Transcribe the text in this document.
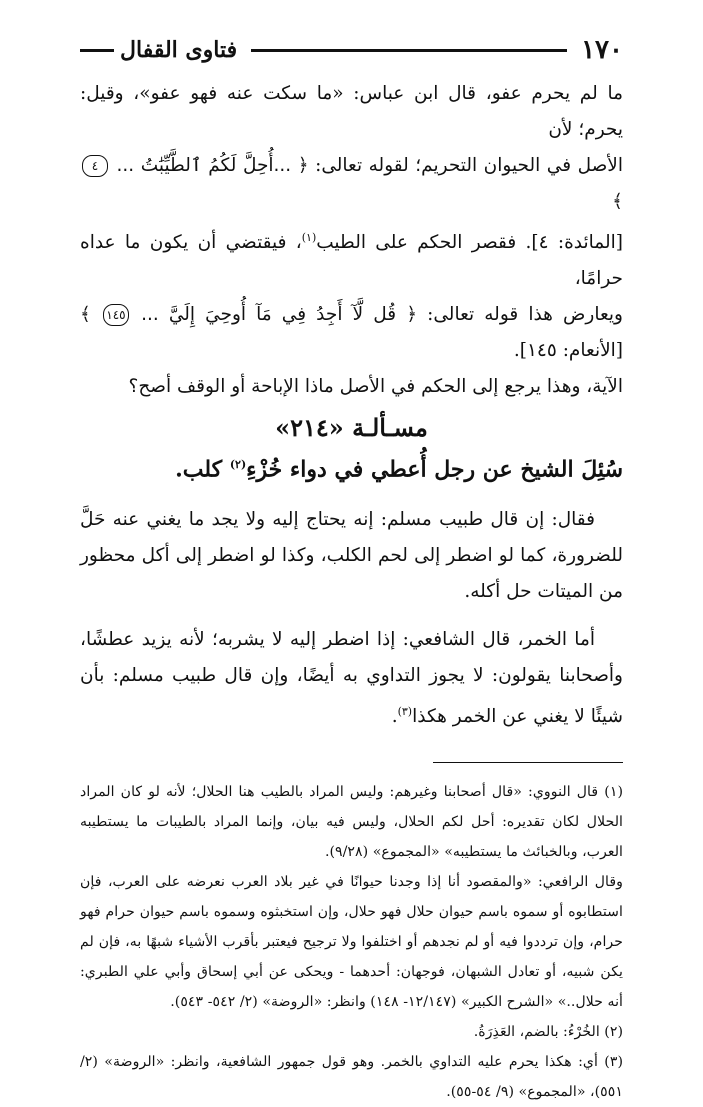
١٧٠
فتاوى القفال

ما لم يحرم عفو، قال ابن عباس: «ما سكت عنه فهو عفو»، وقيل: يحرم؛ لأن

الأصل في الحيوان التحريم؛ لقوله تعالى: ﴿ ...أُحِلَّ لَكُمُ ٱلطَّيِّبَٰتُ ... ٤ ﴾

[المائدة: ٤]. فقصر الحكم على الطيب$^{(١)}$، فيقتضي أن يكون ما عداه حرامًا،

ويعارض هذا قوله تعالى: ﴿ قُل لَّآ أَجِدُ فِي مَآ أُوحِيَ إِلَيَّ ... ١٤٥ ﴾ [الأنعام: ١٤٥].

الآية، وهذا يرجع إلى الحكم في الأصل ماذا الإباحة أو الوقف أصح؟

مسـألـة «٢١٤»
سُئِلَ الشيخ عن رجل أُعطي في دواء خُزْءِ$^{(٢)}$ كلب.

فقال: إن قال طبيب مسلم: إنه يحتاج إليه ولا يجد ما يغني عنه حَلَّ للضرورة، كما لو اضطر إلى لحم الكلب، وكذا لو اضطر إلى أكل محظور من الميتات حل أكله.

أما الخمر، قال الشافعي: إذا اضطر إليه لا يشربه؛ لأنه يزيد عطشًا، وأصحابنا يقولون: لا يجوز التداوي به أيضًا، وإن قال طبيب مسلم: بأن شيئًا لا يغني عن الخمر هكذا$^{(٣)}$.

(١) قال النووي: «قال أصحابنا وغيرهم: وليس المراد بالطيب هنا الحلال؛ لأنه لو كان المراد الحلال لكان تقديره: أحل لكم الحلال، وليس فيه بيان، وإنما المراد بالطيبات ما يستطيبه العرب، وبالخبائث ما يستطيبه» «المجموع» (٩/٢٨).

وقال الرافعي: «والمقصود أنا إذا وجدنا حيوانًا في غير بلاد العرب نعرضه على العرب، فإن استطابوه أو سموه باسم حيوان حلال فهو حلال، وإن استخبثوه وسموه باسم حيوان حرام فهو حرام، وإن ترددوا فيه أو لم نجدهم أو اختلفوا ولا ترجيح فيعتبر بأقرب الأشياء شبهًا به، فإن لم يكن شبيه، أو تعادل الشبهان، فوجهان: أحدهما - ويحكى عن أبي إسحاق وأبي علي الطبري: أنه حلال..» «الشرح الكبير» (١٢/١٤٧- ١٤٨) وانظر: «الروضة» (٢/ ٥٤٢- ٥٤٣).

(٢) الخُرْءُ: بالضم، العَذِرَةُ.

(٣) أي: هكذا يحرم عليه التداوي بالخمر. وهو قول جمهور الشافعية، وانظر: «الروضة» (٢/ ٥٥١)، «المجموع» (٩/ ٥٤-٥٥).
